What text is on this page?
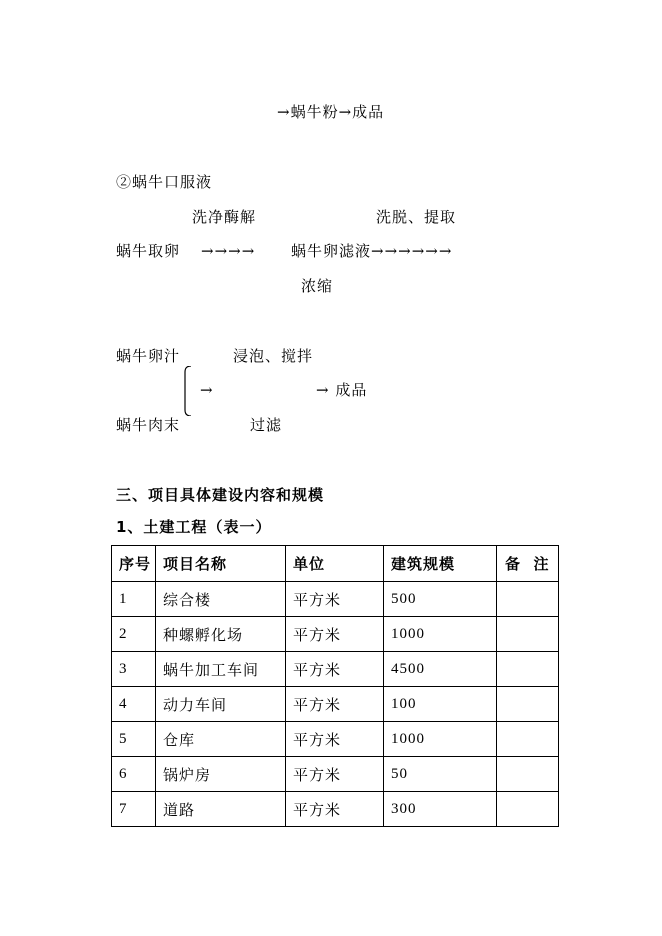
→蜗牛粉→成品
②蜗牛口服液
洗净酶解	洗脱、提取
蜗牛取卵 →→→→ 蜗牛卵滤液→→→→→→
浓缩
蜗牛卵汁	浸泡、搅拌
→	→ 成品
蜗牛肉末	过滤
三、项目具体建设内容和规模
1、土建工程（表一）
序号	项目名称	单位	建筑规模	备  注
1	综合楼	平方米	500	
2	种螺孵化场	平方米	1000	
3	蜗牛加工车间	平方米	4500	
4	动力车间	平方米	100	
5	仓库	平方米	1000	
6	锅炉房	平方米	50	
7	道路	平方米	300	
